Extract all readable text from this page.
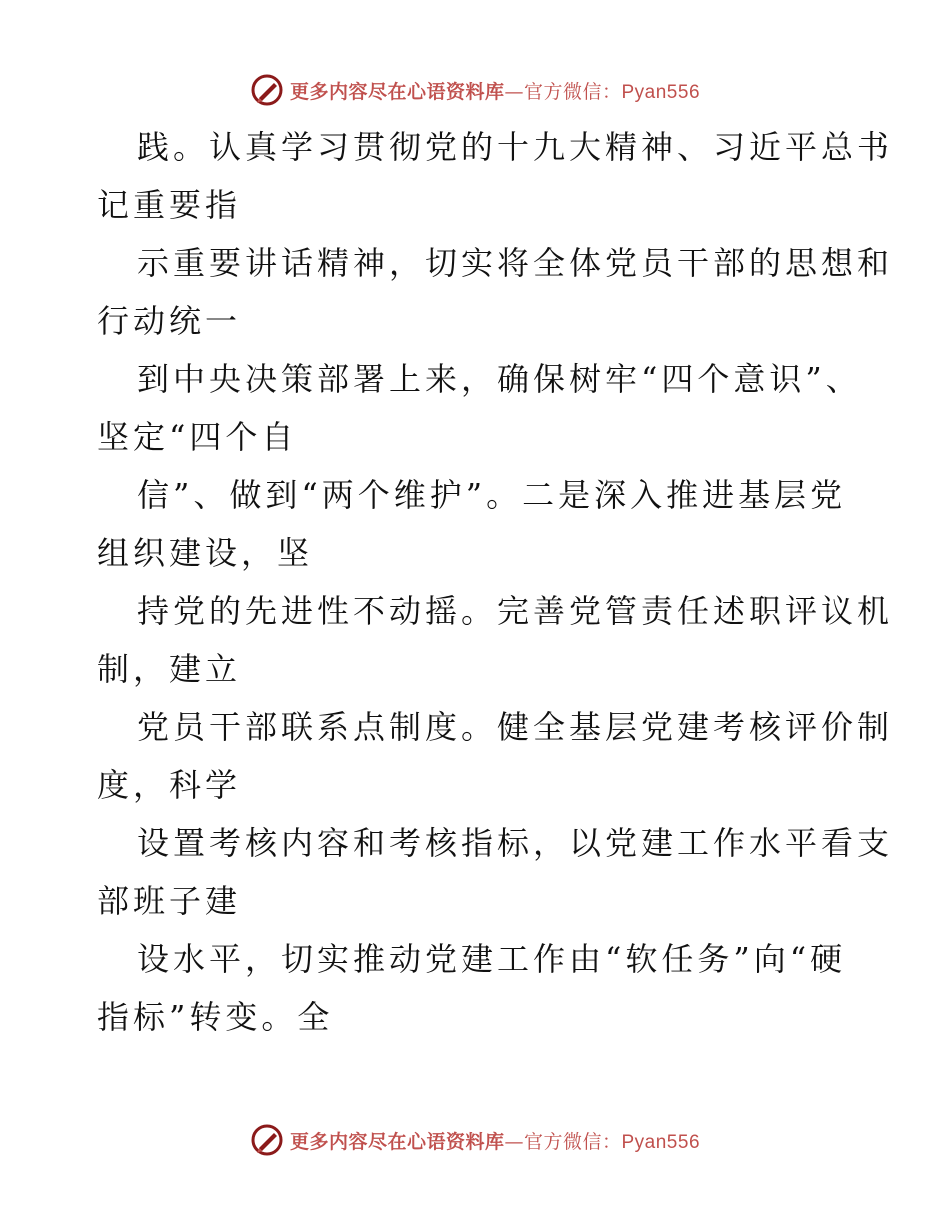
更多内容尽在心语资料库—官方微信：Pyan556
践。认真学习贯彻党的十九大精神、习近平总书
记重要指
示重要讲话精神，切实将全体党员干部的思想和
行动统一
到中央决策部署上来，确保树牢“四个意识”、
坚定“四个自
信”、做到“两个维护”。二是深入推进基层党
组织建设，坚
持党的先进性不动摇。完善党管责任述职评议机
制，建立
党员干部联系点制度。健全基层党建考核评价制
度，科学
设置考核内容和考核指标，以党建工作水平看支
部班子建
设水平，切实推动党建工作由“软任务”向“硬
指标”转变。全
更多内容尽在心语资料库—官方微信：Pyan556
